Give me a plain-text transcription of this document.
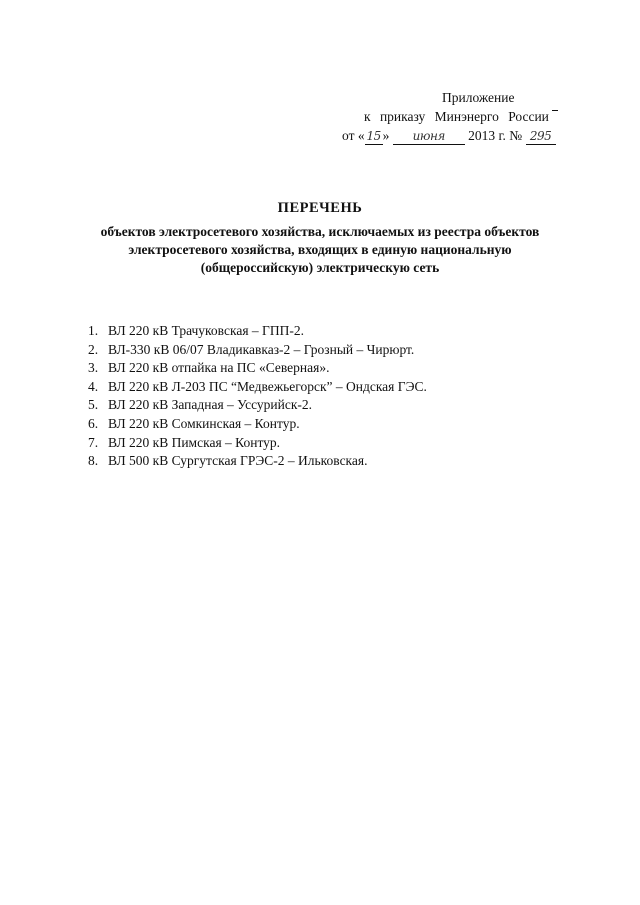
Приложение
к приказу Минэнерго России
от « 15 » июня 2013 г. № 295

ПЕРЕЧЕНЬ

объектов электросетевого хозяйства, исключаемых из реестра объектов
электросетевого хозяйства, входящих в единую национальную
(общероссийскую) электрическую сеть

1. ВЛ 220 кВ Трачуковская – ГПП-2.
2. ВЛ-330 кВ 06/07 Владикавказ-2 – Грозный – Чирюрт.
3. ВЛ 220 кВ отпайка на ПС «Северная».
4. ВЛ 220 кВ Л-203 ПС “Медвежьегорск” – Ондская ГЭС.
5. ВЛ 220 кВ Западная – Уссурийск-2.
6. ВЛ 220 кВ Сомкинская – Контур.
7. ВЛ 220 кВ Пимская – Контур.
8. ВЛ 500 кВ Сургутская ГРЭС-2 – Ильковская.
